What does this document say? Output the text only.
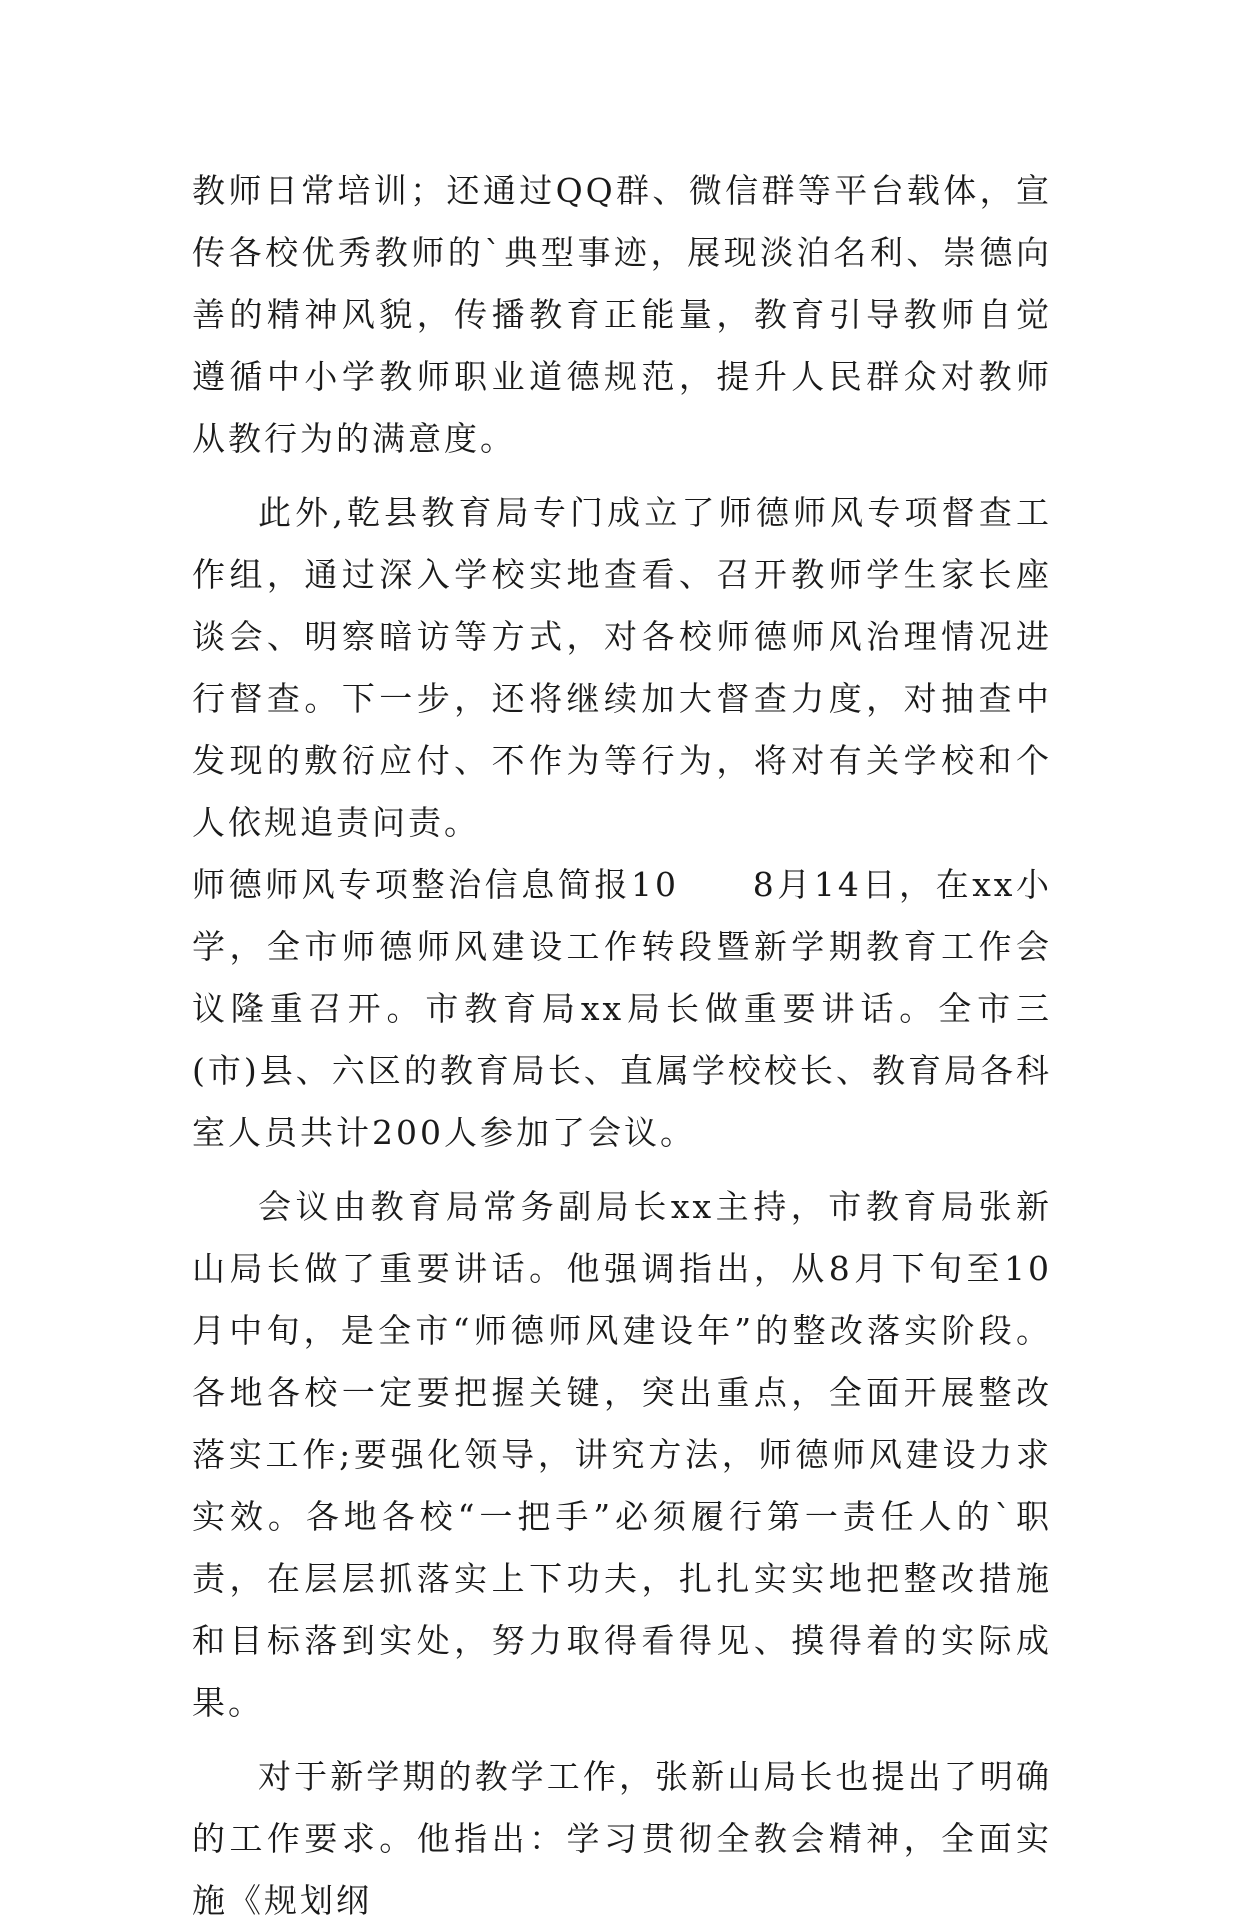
教师日常培训；还通过QQ群、微信群等平台载体，宣传各校优秀教师的`典型事迹，展现淡泊名利、崇德向善的精神风貌，传播教育正能量，教育引导教师自觉遵循中小学教师职业道德规范，提升人民群众对教师从教行为的满意度。

此外,乾县教育局专门成立了师德师风专项督查工作组，通过深入学校实地查看、召开教师学生家长座谈会、明察暗访等方式，对各校师德师风治理情况进行督查。下一步，还将继续加大督查力度，对抽查中发现的敷衍应付、不作为等行为，将对有关学校和个人依规追责问责。

师德师风专项整治信息简报10　　8月14日，在xx小学，全市师德师风建设工作转段暨新学期教育工作会议隆重召开。市教育局xx局长做重要讲话。全市三(市)县、六区的教育局长、直属学校校长、教育局各科室人员共计200人参加了会议。

会议由教育局常务副局长xx主持，市教育局张新山局长做了重要讲话。他强调指出，从8月下旬至10月中旬，是全市“师德师风建设年”的整改落实阶段。各地各校一定要把握关键，突出重点，全面开展整改落实工作;要强化领导，讲究方法，师德师风建设力求实效。各地各校“一把手”必须履行第一责任人的`职责，在层层抓落实上下功夫，扎扎实实地把整改措施和目标落到实处，努力取得看得见、摸得着的实际成果。

对于新学期的教学工作，张新山局长也提出了明确的工作要求。他指出：学习贯彻全教会精神，全面实施《规划纲
